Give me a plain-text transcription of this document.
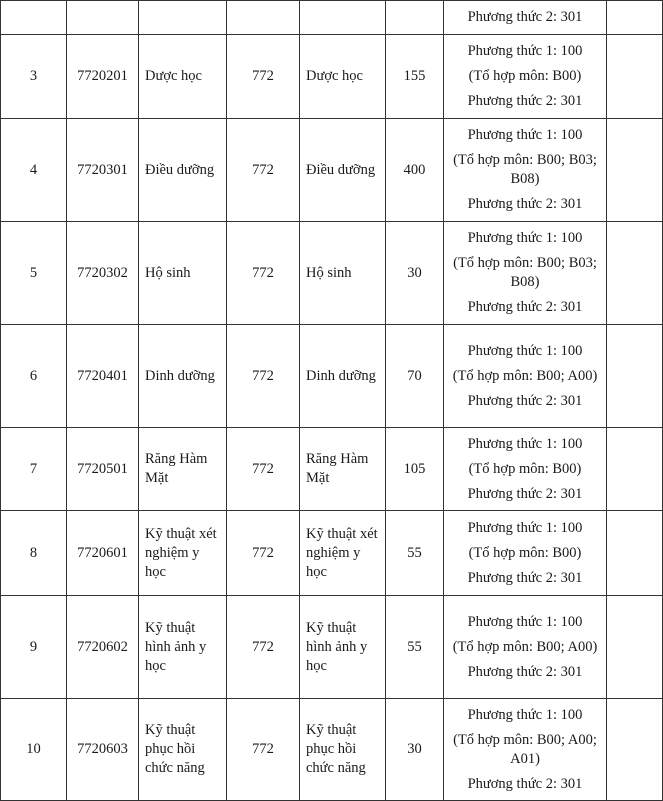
						Phương thức 2: 301	

3	7720201	Dược học	772	Dược học	155	Phương thức 1: 100
(Tổ hợp môn: B00)
Phương thức 2: 301	

4	7720301	Điều dưỡng	772	Điều dưỡng	400	Phương thức 1: 100
(Tổ hợp môn: B00; B03; B08)
Phương thức 2: 301	

5	7720302	Hộ sinh	772	Hộ sinh	30	Phương thức 1: 100
(Tổ hợp môn: B00; B03; B08)
Phương thức 2: 301	

6	7720401	Dinh dưỡng	772	Dinh dưỡng	70	Phương thức 1: 100
(Tổ hợp môn: B00; A00)
Phương thức 2: 301	

7	7720501	Răng Hàm Mặt	772	Răng Hàm Mặt	105	Phương thức 1: 100
(Tổ hợp môn: B00)
Phương thức 2: 301	

8	7720601	Kỹ thuật xét nghiệm y học	772	Kỹ thuật xét nghiệm y học	55	Phương thức 1: 100
(Tổ hợp môn: B00)
Phương thức 2: 301	

9	7720602	Kỹ thuật hình ảnh y học	772	Kỹ thuật hình ảnh y học	55	Phương thức 1: 100
(Tổ hợp môn: B00; A00)
Phương thức 2: 301	

10	7720603	Kỹ thuật phục hồi chức năng	772	Kỹ thuật phục hồi chức năng	30	Phương thức 1: 100
(Tổ hợp môn: B00; A00; A01)
Phương thức 2: 301	
